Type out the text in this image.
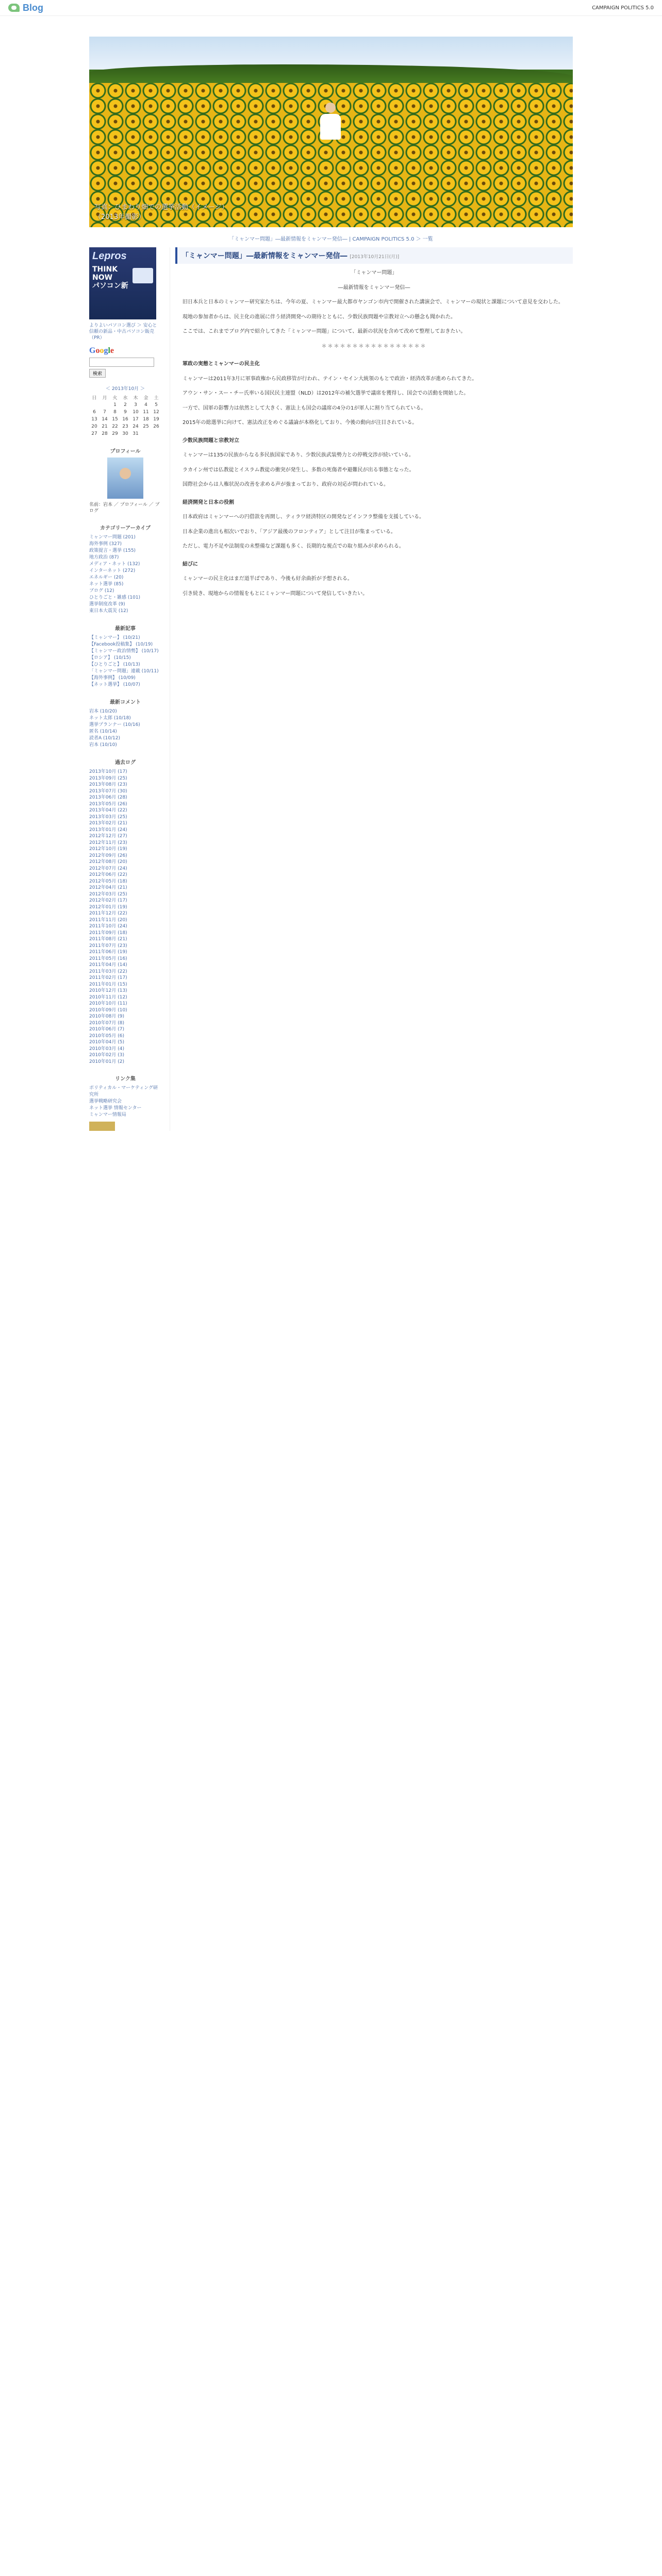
Blog	CAMPAIGN POLITICS 5.0
写真：ひまわり畑での選挙活動（イメージ）
（2013年撮影）
「ミャンマー問題」―最新情報をミャンマー発信― | CAMPAIGN POLITICS 5.0 ＞ 一覧
Lepros
THINK
NOW
パソコン新
よりよいパソコン選び ＞ 安心と信頼の新品・中古パソコン販売（PR）
Google
検索
＜ 2013年10月 ＞
日	月	火	水	木	金	土
		1	2	3	4	5
6	7	8	9	10	11	12
13	14	15	16	17	18	19
20	21	22	23	24	25	26
27	28	29	30	31		
プロフィール
名前：岩本 ／ プロフィール ／ ブログ
カテゴリーアーカイブ
ミャンマー問題 (201)
海外事例 (327)
政策提言・選挙 (155)
地方政治 (87)
メディア・ネット (132)
インターネット (272)
エネルギー (20)
ネット選挙 (85)
ブログ (12)
ひとりごと・雑感 (101)
選挙制度改革 (9)
東日本大震災 (12)
最新記事
【ミャンマー】 (10/21)
【Facebook投稿集】 (10/19)
【ミャンマー政治情勢】 (10/17)
【ロシア】 (10/15)
【ひとりごと】 (10/13)
「ミャンマー問題」連載 (10/11)
【海外事例】 (10/09)
【ネット選挙】 (10/07)
最新コメント
岩本 (10/20)
ネット太郎 (10/18)
選挙プランナー (10/16)
匿名 (10/14)
読者A (10/12)
岩本 (10/10)
過去ログ
2013年10月 (17)
2013年09月 (25)
2013年08月 (23)
2013年07月 (30)
2013年06月 (28)
2013年05月 (26)
2013年04月 (22)
2013年03月 (25)
2013年02月 (21)
2013年01月 (24)
2012年12月 (27)
2012年11月 (23)
2012年10月 (19)
2012年09月 (26)
2012年08月 (20)
2012年07月 (24)
2012年06月 (22)
2012年05月 (18)
2012年04月 (21)
2012年03月 (25)
2012年02月 (17)
2012年01月 (19)
2011年12月 (22)
2011年11月 (20)
2011年10月 (24)
2011年09月 (18)
2011年08月 (21)
2011年07月 (23)
2011年06月 (19)
2011年05月 (16)
2011年04月 (14)
2011年03月 (22)
2011年02月 (17)
2011年01月 (15)
2010年12月 (13)
2010年11月 (12)
2010年10月 (11)
2010年09月 (10)
2010年08月 (9)
2010年07月 (8)
2010年06月 (7)
2010年05月 (6)
2010年04月 (5)
2010年03月 (4)
2010年02月 (3)
2010年01月 (2)
リンク集
ポリティカル・マーケティング研究所
選挙戦略研究会
ネット選挙 情報センター
ミャンマー情報局
「ミャンマー問題」―最新情報をミャンマー発信― [2013年10月21日(月)]

「ミャンマー問題」

―最新情報をミャンマー発信―

旧日本兵と日本のミャンマー研究家たちは、今年の夏、ミャンマー最大都市ヤンゴン市内で開催された講演会で、ミャンマーの現状と課題について意見を交わした。

現地の参加者からは、民主化の進展に伴う経済開発への期待とともに、少数民族問題や宗教対立への懸念も聞かれた。

ここでは、これまでブログ内で紹介してきた「ミャンマー問題」について、最新の状況を含めて改めて整理しておきたい。

＊＊＊＊＊＊＊＊＊＊＊＊＊＊＊＊＊

軍政の実態とミャンマーの民主化

ミャンマーは2011年3月に軍事政権から民政移管が行われ、テイン・セイン大統領のもとで政治・経済改革が進められてきた。

アウン・サン・スー・チー氏率いる国民民主連盟（NLD）は2012年の補欠選挙で議席を獲得し、国会での活動を開始した。

一方で、国軍の影響力は依然として大きく、憲法上も国会の議席の4分の1が軍人に割り当てられている。

2015年の総選挙に向けて、憲法改正をめぐる議論が本格化しており、今後の動向が注目されている。

少数民族問題と宗教対立

ミャンマーは135の民族からなる多民族国家であり、少数民族武装勢力との停戦交渉が続いている。

ラカイン州では仏教徒とイスラム教徒の衝突が発生し、多数の死傷者や避難民が出る事態となった。

国際社会からは人権状況の改善を求める声が強まっており、政府の対応が問われている。

経済開発と日本の役割

日本政府はミャンマーへの円借款を再開し、ティラワ経済特区の開発などインフラ整備を支援している。

日本企業の進出も相次いでおり、「アジア最後のフロンティア」として注目が集まっている。

ただし、電力不足や法制度の未整備など課題も多く、長期的な視点での取り組みが求められる。

結びに

ミャンマーの民主化はまだ道半ばであり、今後も紆余曲折が予想される。

引き続き、現地からの情報をもとにミャンマー問題について発信していきたい。
